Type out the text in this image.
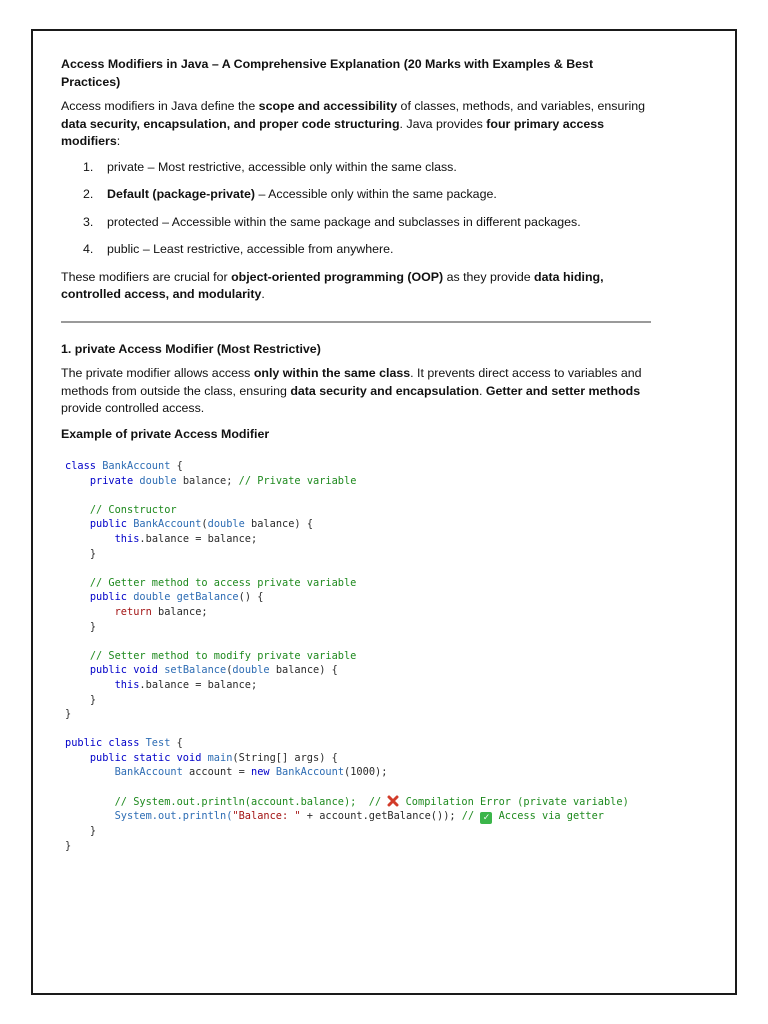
Access Modifiers in Java – A Comprehensive Explanation (20 Marks with Examples & Best Practices)

Access modifiers in Java define the scope and accessibility of classes, methods, and variables, ensuring data security, encapsulation, and proper code structuring. Java provides four primary access modifiers:

1. private – Most restrictive, accessible only within the same class.
2. Default (package-private) – Accessible only within the same package.
3. protected – Accessible within the same package and subclasses in different packages.
4. public – Least restrictive, accessible from anywhere.

These modifiers are crucial for object-oriented programming (OOP) as they provide data hiding, controlled access, and modularity.

1. private Access Modifier (Most Restrictive)

The private modifier allows access only within the same class. It prevents direct access to variables and methods from outside the class, ensuring data security and encapsulation. Getter and setter methods provide controlled access.

Example of private Access Modifier

class BankAccount {
private double balance; // Private variable

// Constructor
public BankAccount(double balance) {
this.balance = balance;
}

// Getter method to access private variable
public double getBalance() {
return balance;
}

// Setter method to modify private variable
public void setBalance(double balance) {
this.balance = balance;
}
}

public class Test {
public static void main(String[] args) {
BankAccount account = new BankAccount(1000);

// System.out.println(account.balance);  //  Compilation Error (private variable)
System.out.println("Balance: " + account.getBalance()); // ✓ Access via getter
}
}
